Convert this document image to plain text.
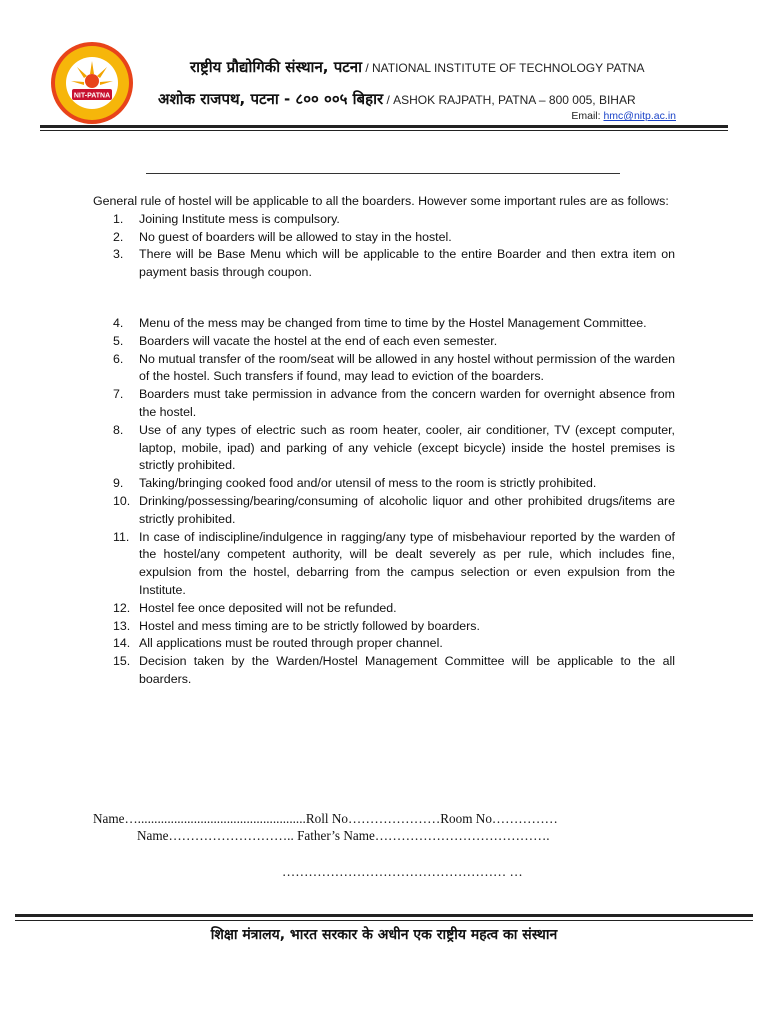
NIT-PATNA
राष्ट्रीय प्रौद्योगिकी संस्थान, पटना / NATIONAL INSTITUTE OF TECHNOLOGY PATNA
अशोक राजपथ, पटना - ८०० ००५ बिहार / ASHOK RAJPATH, PATNA – 800 005, BIHAR
Email: hmc@nitp.ac.in

General rule of hostel will be applicable to all the boarders. However some important rules are as follows:

1. Joining Institute mess is compulsory.
2. No guest of boarders will be allowed to stay in the hostel.
3. There will be Base Menu which will be applicable to the entire Boarder and then extra item on payment basis through coupon.
4. Menu of the mess may be changed from time to time by the Hostel Management Committee.
5. Boarders will vacate the hostel at the end of each even semester.
6. No mutual transfer of the room/seat will be allowed in any hostel without permission of the warden of the hostel. Such transfers if found, may lead to eviction of the boarders.
7. Boarders must take permission in advance from the concern warden for overnight absence from the hostel.
8. Use of any types of electric such as room heater, cooler, air conditioner, TV (except computer, laptop, mobile, ipad) and parking of any vehicle (except bicycle) inside the hostel premises is strictly prohibited.
9. Taking/bringing cooked food and/or utensil of mess to the room is strictly prohibited.
10. Drinking/possessing/bearing/consuming of alcoholic liquor and other prohibited drugs/items are strictly prohibited.
11. In case of indiscipline/indulgence in ragging/any type of misbehaviour reported by the warden of the hostel/any competent authority, will be dealt severely as per rule, which includes fine, expulsion from the hostel, debarring from the campus selection or even expulsion from the Institute.
12. Hostel fee once deposited will not be refunded.
13. Hostel and mess timing are to be strictly followed by boarders.
14. All applications must be routed through proper channel.
15. Decision taken by the Warden/Hostel Management Committee will be applicable to the all boarders.
Name…...................................................Roll No…………………Room No……………
Name……………………….. Father’s Name………………………………….
…………………………………………… …
शिक्षा मंत्रालय, भारत सरकार के अधीन एक राष्ट्रीय महत्व का संस्थान
